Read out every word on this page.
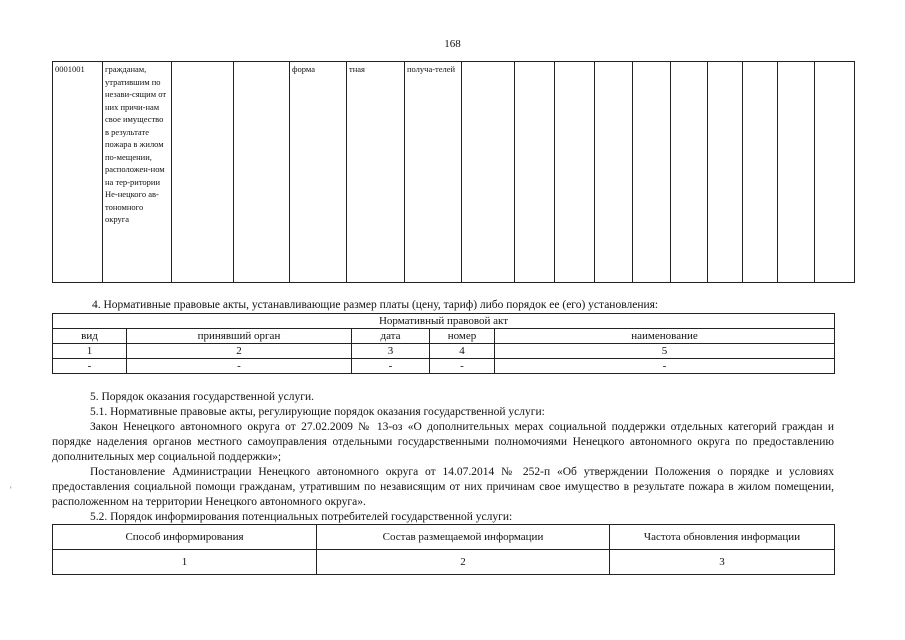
168
0001001	гражданам, утратившим по незави-сящим от них причи-нам свое имущество в результате пожара в жилом по-мещении, расположен-ном на тер-ритории Не-нецкого ав-тономного округа			форма	тная	получа-телей										
4. Нормативные правовые акты, устанавливающие размер платы (цену, тариф) либо порядок ее (его) установления:
Нормативный правовой акт				
вид	принявший орган	дата	номер	наименование
1	2	3	4	5
-	-	-	-	-

5. Порядок оказания государственной услуги.

5.1. Нормативные правовые акты, регулирующие порядок оказания государственной услуги:

Закон Ненецкого автономного округа от 27.02.2009 № 13-оз «О дополнительных мерах социальной поддержки отдельных категорий граждан и порядке наделения органов местного самоуправления отдельными государственными полномочиями Ненецкого автономного округа по предоставлению дополнительных мер социальной поддержки»;

Постановление Администрации Ненецкого автономного округа от 14.07.2014 № 252-п «Об утверждении Положения о порядке и условиях предоставления социальной помощи гражданам, утратившим по независящим от них причинам свое имущество в результате пожара в жилом помещении, расположенном на территории Ненецкого автономного округа».

5.2. Порядок информирования потенциальных потребителей государственной услуги:

Способ информирования	Состав размещаемой информации	Частота обновления информации
1	2	3
'
